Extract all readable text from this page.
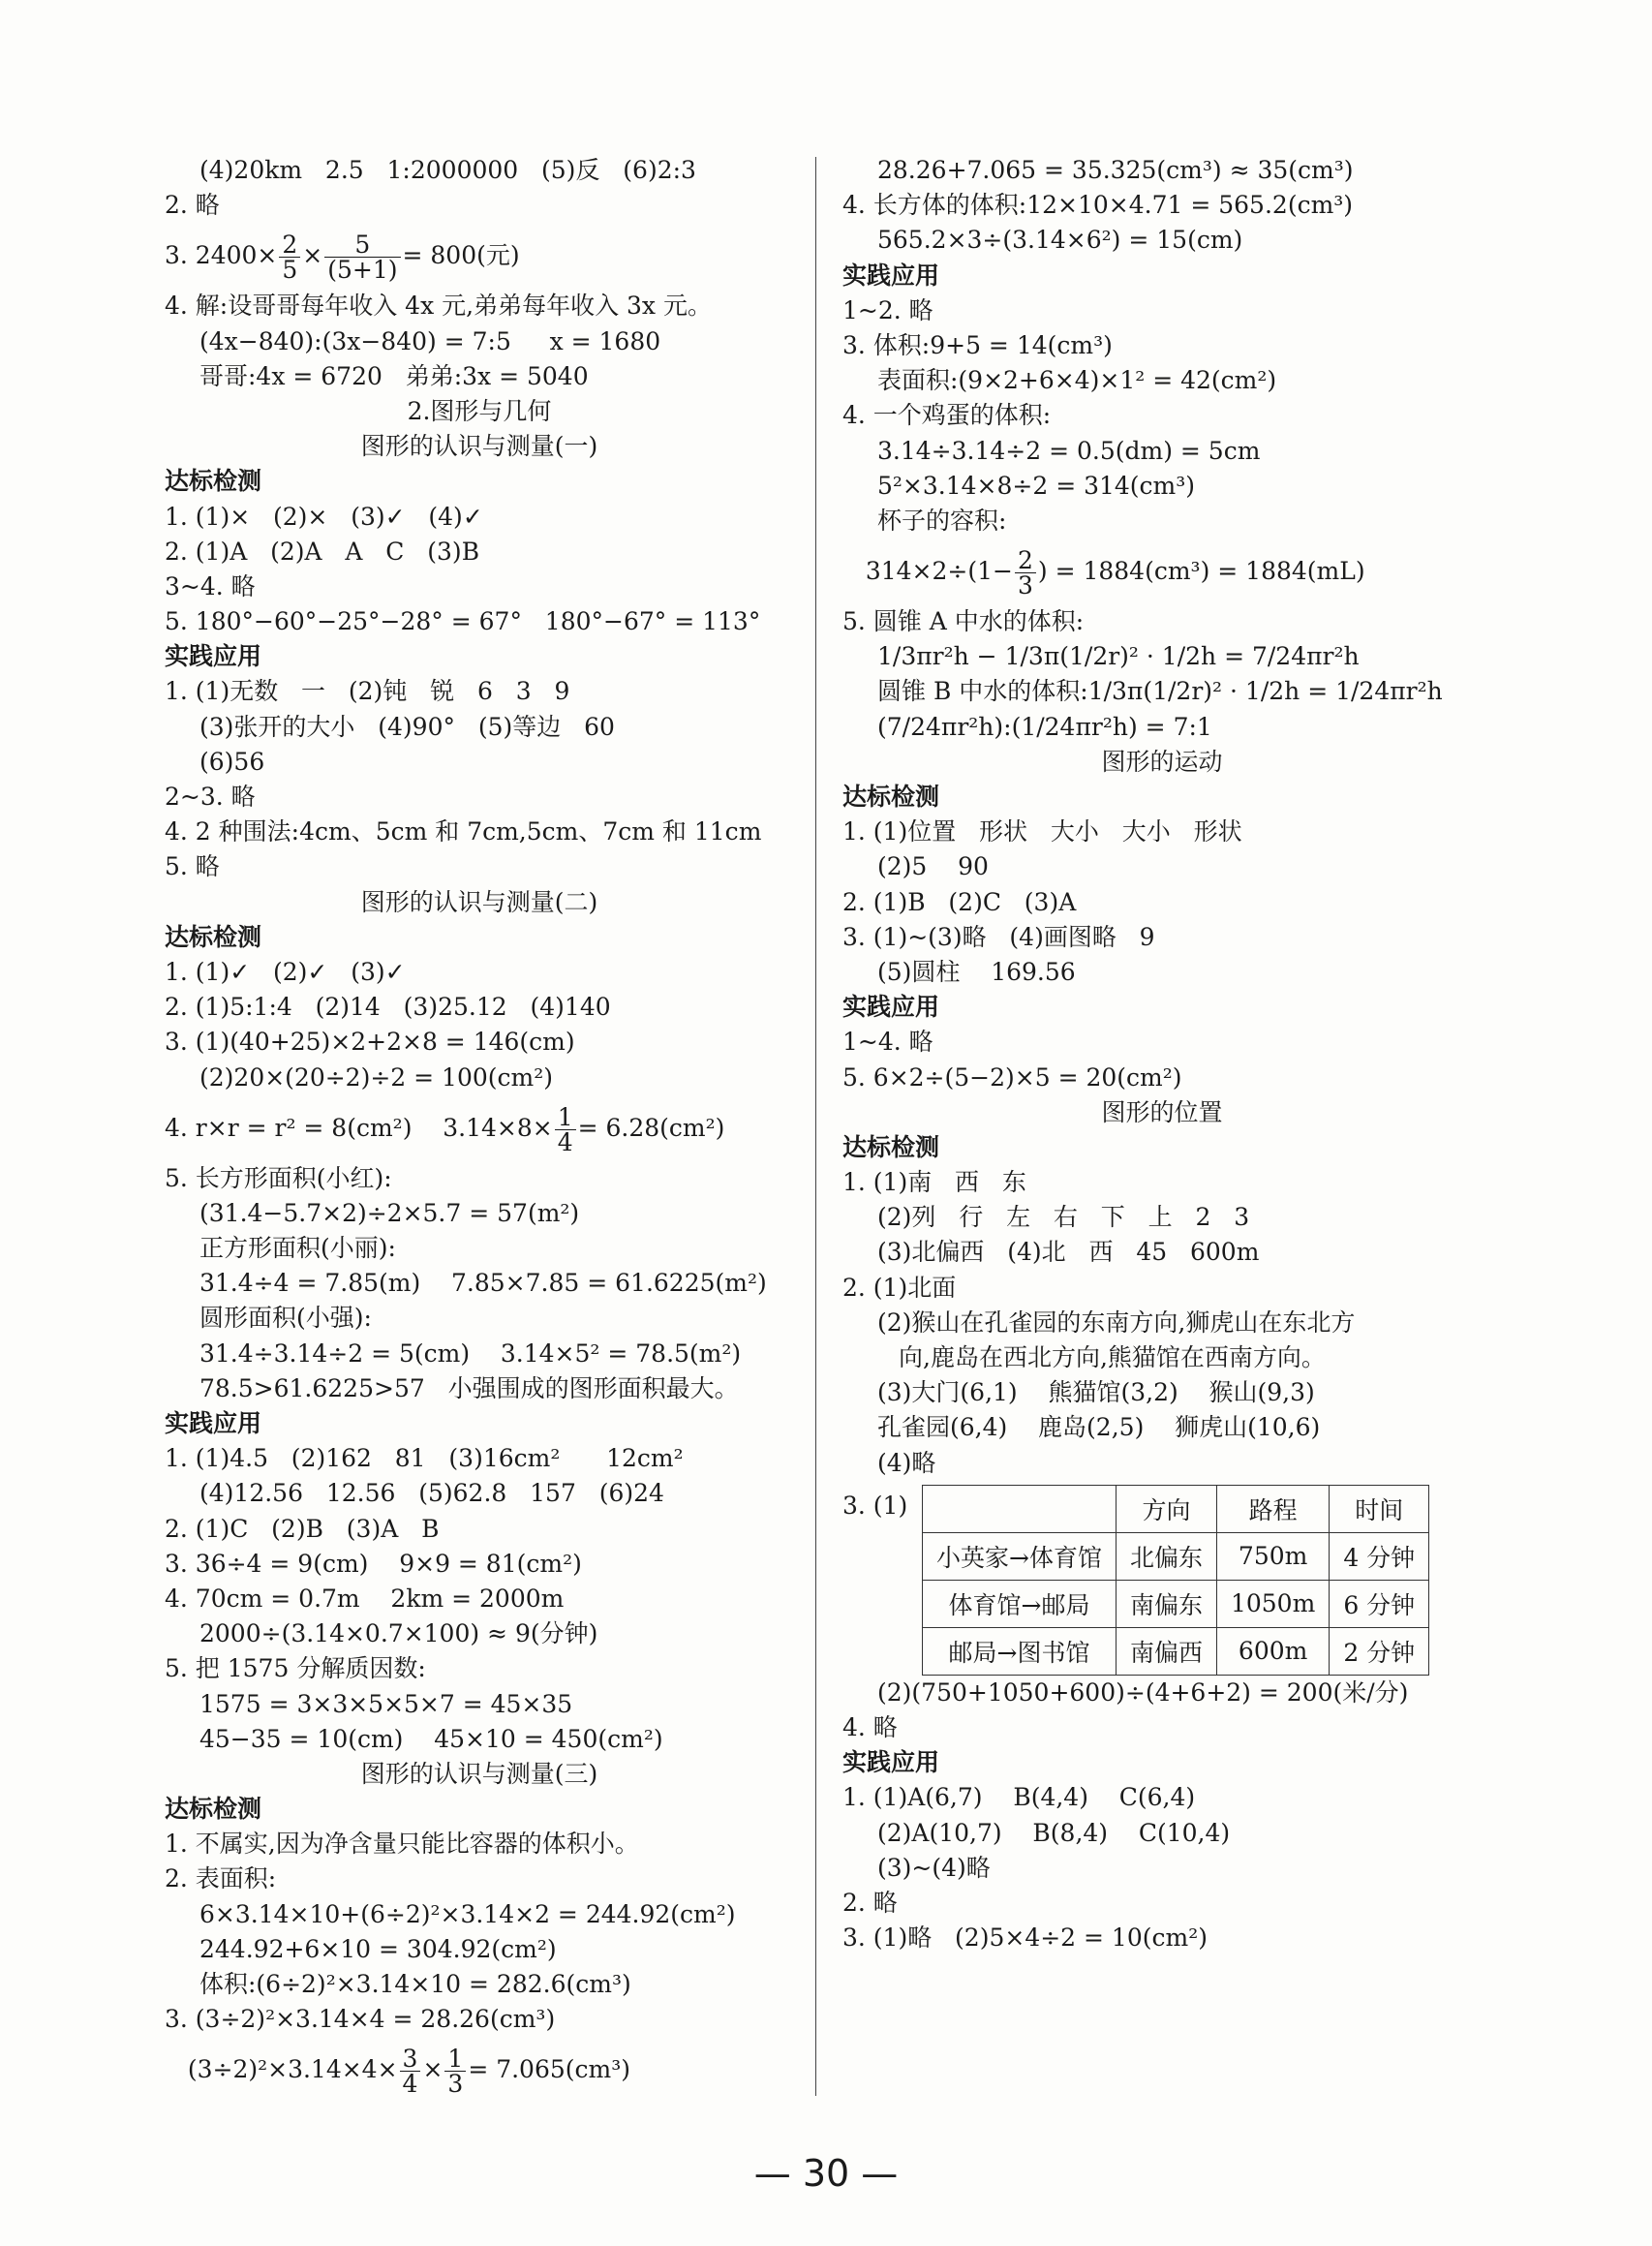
(4)20km   2.5   1:2000000   (5)反   (6)2:3
2. 略
3. $2400\times \frac{2}{5} \times \frac{5}{(5+1)} = 800$(元)
4. 解:设哥哥每年收入 4x 元,弟弟每年收入 3x 元。
(4x−840):(3x−840) = 7:5     x = 1680
哥哥:4x = 6720   弟弟:3x = 5040
2.图形与几何
图形的认识与测量(一)
达标检测
1. (1)×   (2)×   (3)✓   (4)✓
2. (1)A   (2)A   A   C   (3)B
3~4. 略
5. 180°−60°−25°−28° = 67°   180°−67° = 113°
实践应用
1. (1)无数   一   (2)钝   锐   6   3   9
(3)张开的大小   (4)90°   (5)等边   60
(6)56
2~3. 略
4. 2 种围法:4cm、5cm 和 7cm,5cm、7cm 和 11cm
5. 略
图形的认识与测量(二)
达标检测
1. (1)✓   (2)✓   (3)✓
2. (1)5:1:4   (2)14   (3)25.12   (4)140
3. (1)(40+25)×2+2×8 = 146(cm)
(2)20×(20÷2)÷2 = 100(cm²)
4. r×r = r² = 8(cm²)    $3.14\times 8\times \frac{1}{4} = 6.28(cm^2)$
5. 长方形面积(小红):
(31.4−5.7×2)÷2×5.7 = 57(m²)
正方形面积(小丽):
31.4÷4 = 7.85(m)    7.85×7.85 = 61.6225(m²)
圆形面积(小强):
31.4÷3.14÷2 = 5(cm)    3.14×5² = 78.5(m²)
78.5>61.6225>57   小强围成的图形面积最大。
实践应用
1. (1)4.5   (2)162   81   (3)16cm²      12cm²
(4)12.56   12.56   (5)62.8   157   (6)24
2. (1)C   (2)B   (3)A   B
3. 36÷4 = 9(cm)    9×9 = 81(cm²)
4. 70cm = 0.7m    2km = 2000m
2000÷(3.14×0.7×100) ≈ 9(分钟)
5. 把 1575 分解质因数:
1575 = 3×3×5×5×7 = 45×35
45−35 = 10(cm)    45×10 = 450(cm²)
图形的认识与测量(三)
达标检测
1. 不属实,因为净含量只能比容器的体积小。
2. 表面积:
6×3.14×10+(6÷2)²×3.14×2 = 244.92(cm²)
244.92+6×10 = 304.92(cm²)
体积:(6÷2)²×3.14×10 = 282.6(cm³)
3. (3÷2)²×3.14×4 = 28.26(cm³)
$(3\div 2)^2\times 3.14\times 4\times \frac{3}{4} \times \frac{1}{3} = 7.065(cm^3)$
28.26+7.065 = 35.325(cm³) ≈ 35(cm³)
4. 长方体的体积:12×10×4.71 = 565.2(cm³)
565.2×3÷(3.14×6²) = 15(cm)
实践应用
1~2. 略
3. 体积:9+5 = 14(cm³)
表面积:(9×2+6×4)×1² = 42(cm²)
4. 一个鸡蛋的体积:
3.14÷3.14÷2 = 0.5(dm) = 5cm
5²×3.14×8÷2 = 314(cm³)
杯子的容积:
$314\times 2\div(1- \frac{2}{3}$ ) = 1884(cm³) = 1884(mL)
5. 圆锥 A 中水的体积:
1/3πr²h − 1/3π(1/2r)² · 1/2h = 7/24πr²h
圆锥 B 中水的体积:1/3π(1/2r)² · 1/2h = 1/24πr²h
(7/24πr²h):(1/24πr²h) = 7:1
图形的运动
达标检测
1. (1)位置   形状   大小   大小   形状
(2)5    90
2. (1)B   (2)C   (3)A
3. (1)~(3)略   (4)画图略   9
(5)圆柱    169.56
实践应用
1~4. 略
5. 6×2÷(5−2)×5 = 20(cm²)
图形的位置
达标检测
1. (1)南   西   东
(2)列   行   左   右   下   上   2   3
(3)北偏西   (4)北   西   45   600m
2. (1)北面
(2)猴山在孔雀园的东南方向,狮虎山在东北方
向,鹿岛在西北方向,熊猫馆在西南方向。
(3)大门(6,1)    熊猫馆(3,2)    猴山(9,3)
孔雀园(6,4)    鹿岛(2,5)    狮虎山(10,6)
(4)略
3. (1)
		方向	路程	时间
小英家→体育馆	北偏东	750m	4 分钟
体育馆→邮局	南偏东	1050m	6 分钟
邮局→图书馆	南偏西	600m	2 分钟
(2)(750+1050+600)÷(4+6+2) = 200(米/分)
4. 略
实践应用
1. (1)A(6,7)    B(4,4)    C(6,4)
(2)A(10,7)    B(8,4)    C(10,4)
(3)~(4)略
2. 略
3. (1)略   (2)5×4÷2 = 10(cm²)
— 30 —
